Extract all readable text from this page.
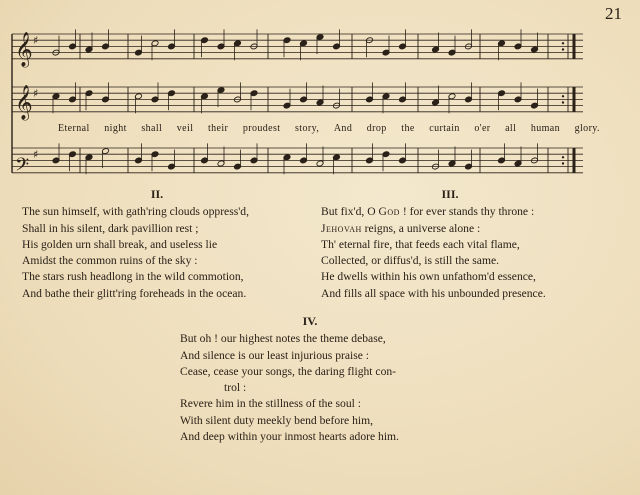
21
𝄞 ♯
𝄞 ♯
𝄢
♯
Eternal night shall veil their proudest story, And drop the curtain o'er all human glory.
II.

The sun himself, with gath'ring clouds oppress'd,

Shall in his silent, dark pavillion rest ;

His golden urn shall break, and useless lie

Amidst the common ruins of the sky :

The stars rush headlong in the wild commotion,

And bathe their glitt'ring foreheads in the ocean.

III.

But fix'd, O God ! for ever stands thy throne :

Jehovah reigns, a universe alone :

Th' eternal fire, that feeds each vital flame,

Collected, or diffus'd, is still the same.

He dwells within his own unfathom'd essence,

And fills all space with his unbounded presence.

IV.

But oh ! our highest notes the theme debase,

And silence is our least injurious praise :

Cease, cease your songs, the daring flight con-

trol :

Revere him in the stillness of the soul :

With silent duty meekly bend before him,

And deep within your inmost hearts adore him.
